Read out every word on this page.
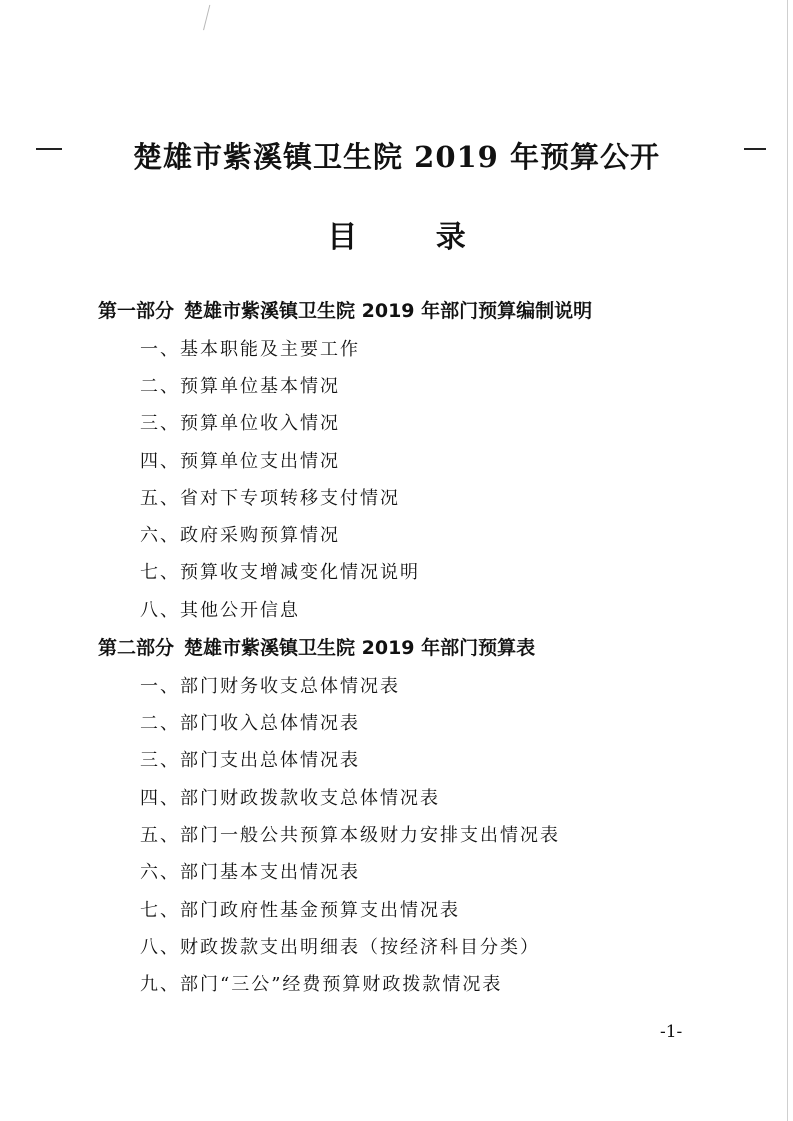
楚雄市紫溪镇卫生院 2019 年预算公开
目 录
第一部分 楚雄市紫溪镇卫生院 2019 年部门预算编制说明
一、基本职能及主要工作
二、预算单位基本情况
三、预算单位收入情况
四、预算单位支出情况
五、省对下专项转移支付情况
六、政府采购预算情况
七、预算收支增减变化情况说明
八、其他公开信息
第二部分 楚雄市紫溪镇卫生院 2019 年部门预算表
一、部门财务收支总体情况表
二、部门收入总体情况表
三、部门支出总体情况表
四、部门财政拨款收支总体情况表
五、部门一般公共预算本级财力安排支出情况表
六、部门基本支出情况表
七、部门政府性基金预算支出情况表
八、财政拨款支出明细表（按经济科目分类）
九、部门“三公”经费预算财政拨款情况表
-1-
